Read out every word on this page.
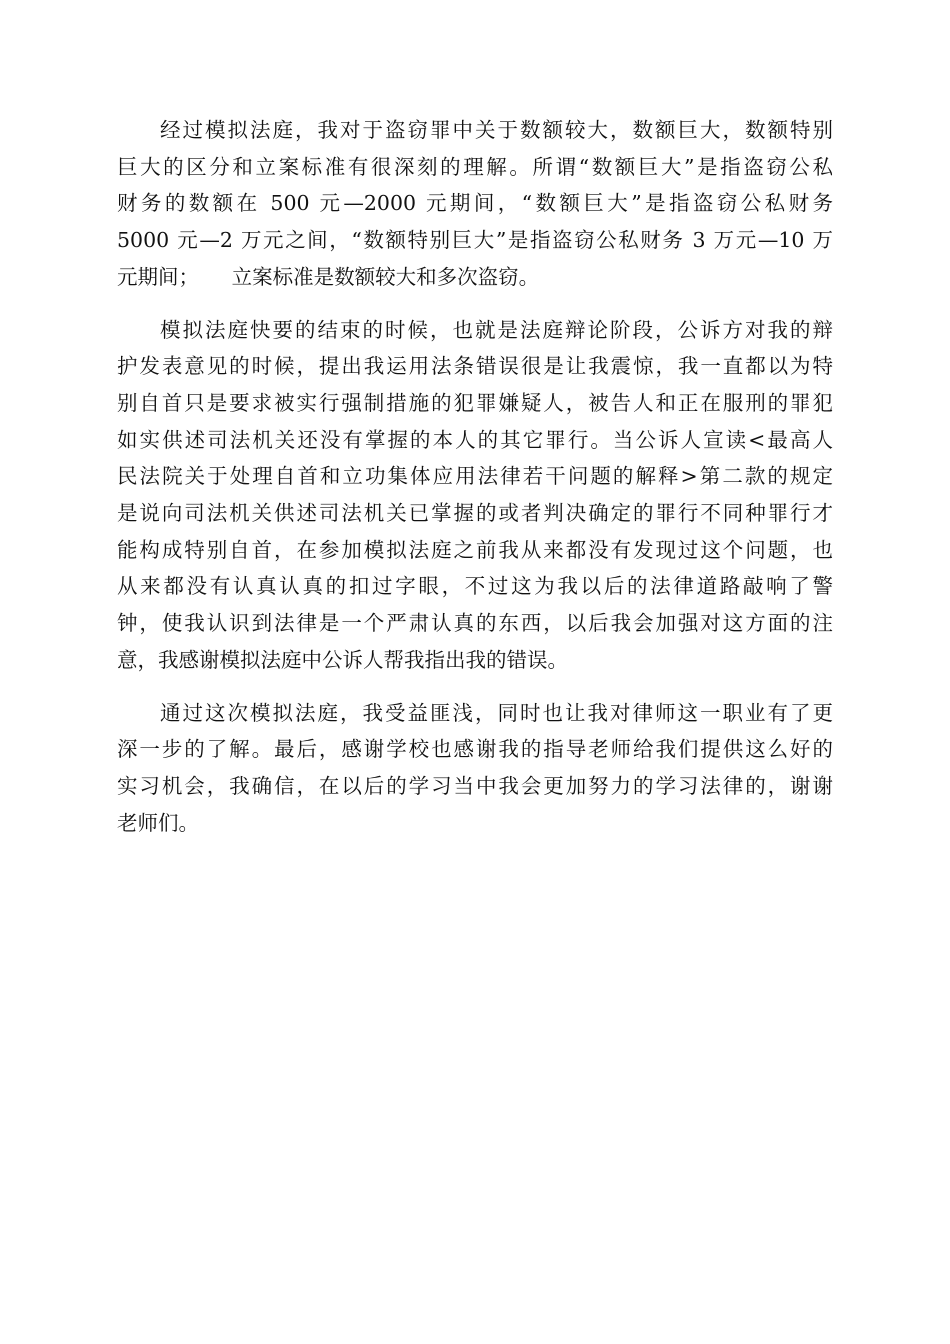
经过模拟法庭，我对于盗窃罪中关于数额较大，数额巨大，数额特别
巨大的区分和立案标准有很深刻的理解。所谓“数额巨大”是指盗窃公私
财务的数额在 500 元—2000 元期间，“数额巨大”是指盗窃公私财务
5000 元—2 万元之间，“数额特别巨大”是指盗窃公私财务 3 万元—10 万
元期间；     立案标准是数额较大和多次盗窃。
模拟法庭快要的结束的时候，也就是法庭辩论阶段，公诉方对我的辩
护发表意见的时候，提出我运用法条错误很是让我震惊，我一直都以为特
别自首只是要求被实行强制措施的犯罪嫌疑人，被告人和正在服刑的罪犯
如实供述司法机关还没有掌握的本人的其它罪行。当公诉人宣读<最高人
民法院关于处理自首和立功集体应用法律若干问题的解释>第二款的规定
是说向司法机关供述司法机关已掌握的或者判决确定的罪行不同种罪行才
能构成特别自首，在参加模拟法庭之前我从来都没有发现过这个问题，也
从来都没有认真认真的扣过字眼，不过这为我以后的法律道路敲响了警
钟，使我认识到法律是一个严肃认真的东西，以后我会加强对这方面的注
意，我感谢模拟法庭中公诉人帮我指出我的错误。
通过这次模拟法庭，我受益匪浅，同时也让我对律师这一职业有了更
深一步的了解。最后，感谢学校也感谢我的指导老师给我们提供这么好的
实习机会，我确信，在以后的学习当中我会更加努力的学习法律的，谢谢
老师们。
